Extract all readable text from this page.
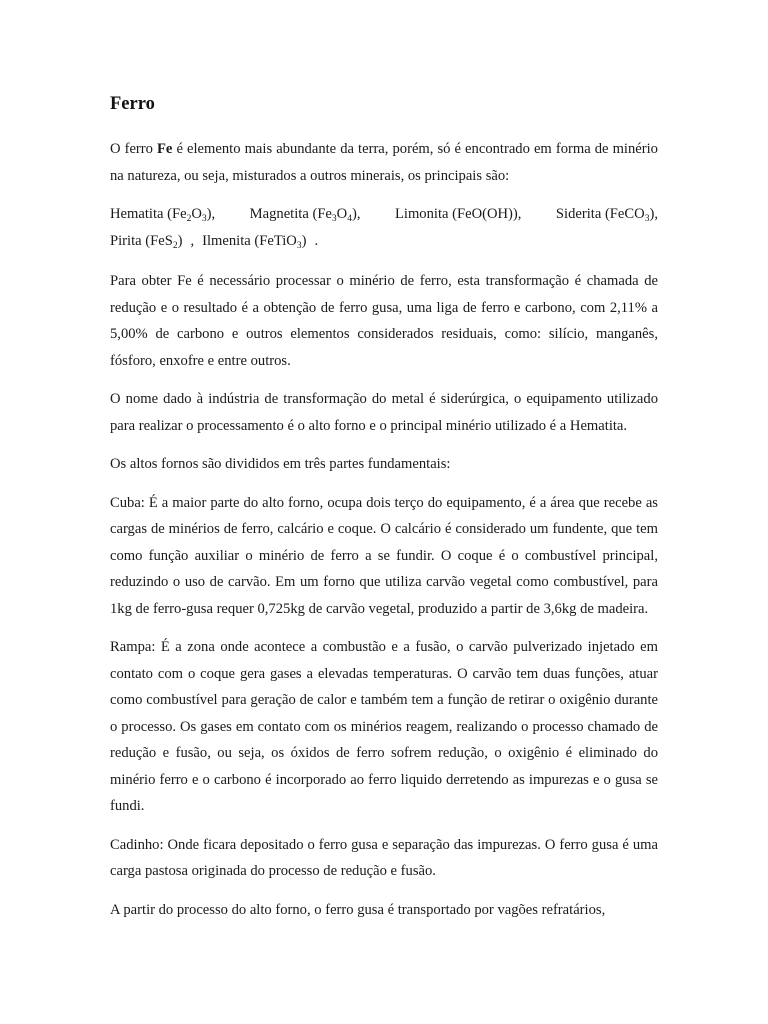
Ferro

O ferro Fe é elemento mais abundante da terra, porém, só é encontrado em forma de minério na natureza, ou seja, misturados a outros minerais, os principais são:

Hematita $(Fe_2O_3)$, Magnetita $(Fe_3O_4)$, Limonita (FeO(OH)), Siderita (FeCO$_3$),
Pirita (FeS$_2$) , Ilmenita (FeTiO$_3$) .

Para obter Fe é necessário processar o minério de ferro, esta transformação é chamada de redução e o resultado é a obtenção de ferro gusa, uma liga de ferro e carbono, com 2,11% a 5,00% de carbono e outros elementos considerados residuais, como: silício, manganês, fósforo, enxofre e entre outros.

O nome dado à indústria de transformação do metal é siderúrgica, o equipamento utilizado para realizar o processamento é o alto forno e o principal minério utilizado é a Hematita.

Os altos fornos são divididos em três partes fundamentais:

Cuba: É a maior parte do alto forno, ocupa dois terço do equipamento, é a área que recebe as cargas de minérios de ferro, calcário e coque. O calcário é considerado um fundente, que tem como função auxiliar o minério de ferro a se fundir. O coque é o combustível principal, reduzindo o uso de carvão. Em um forno que utiliza carvão vegetal como combustível, para 1kg de ferro-gusa requer 0,725kg de carvão vegetal, produzido a partir de 3,6kg de madeira.

Rampa: É a zona onde acontece a combustão e a fusão, o carvão pulverizado injetado em contato com o coque gera gases a elevadas temperaturas. O carvão tem duas funções, atuar como combustível para geração de calor e também tem a função de retirar o oxigênio durante o processo. Os gases em contato com os minérios reagem, realizando o processo chamado de redução e fusão, ou seja, os óxidos de ferro sofrem redução, o oxigênio é eliminado do minério ferro e o carbono é incorporado ao ferro liquido derretendo as impurezas e o gusa se fundi.

Cadinho: Onde ficara depositado o ferro gusa e separação das impurezas. O ferro gusa é uma carga pastosa originada do processo de redução e fusão.

A partir do processo do alto forno, o ferro gusa é transportado por vagões refratários,
